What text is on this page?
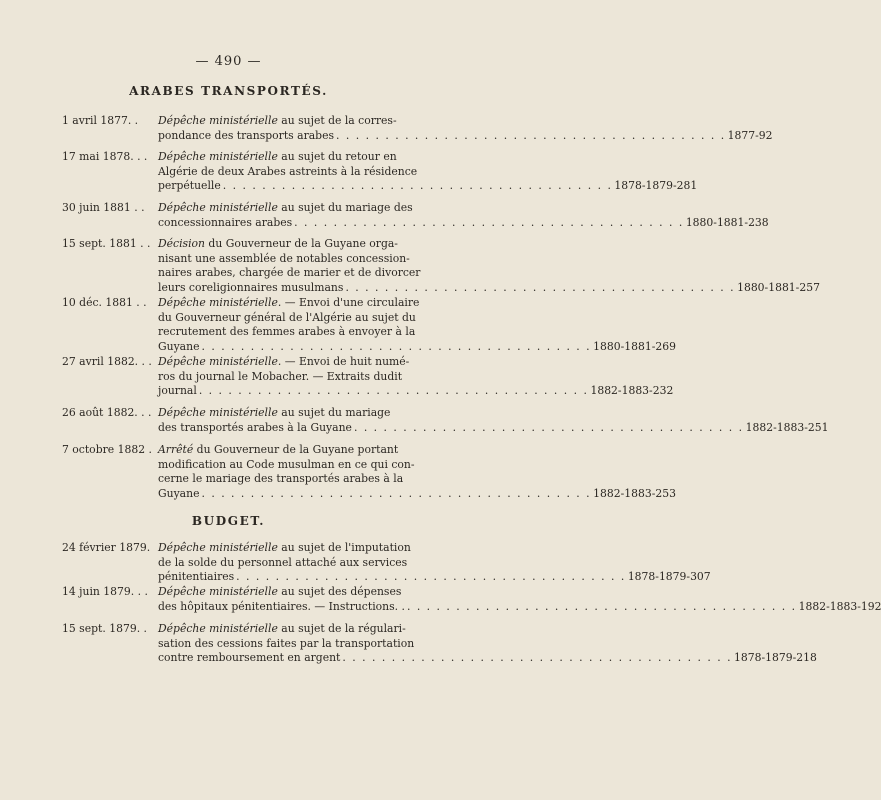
— 490 —
ARABES TRANSPORTÉS.
1 avril 1877. . Dépêche ministérielle au sujet de la corres-
pondance des transports arabes . . . . . . . . . . . . . . . . . . . . . . . . . . . . . . . . . . . . . . . . 1877-92
17 mai 1878. . . Dépêche ministérielle au sujet du retour en
Algérie de deux Arabes astreints à la résidence
perpétuelle . . . . . . . . . . . . . . . . . . . . . . . . . . . . . . . . . . . . . . . . 1878-1879-281
30 juin 1881 . . Dépêche ministérielle au sujet du mariage des
concessionnaires arabes . . . . . . . . . . . . . . . . . . . . . . . . . . . . . . . . . . . . . . . . 1880-1881-238
15 sept. 1881 . . Décision du Gouverneur de la Guyane orga-
nisant une assemblée de notables concession-
naires arabes, chargée de marier et de divorcer
leurs coreligionnaires musulmans . . . . . . . . . . . . . . . . . . . . . . . . . . . . . . . . . . . . . . . . 1880-1881-257
10 déc. 1881 . . Dépêche ministérielle. — Envoi d'une circulaire
du Gouverneur général de l'Algérie au sujet du
recrutement des femmes arabes à envoyer à la
Guyane . . . . . . . . . . . . . . . . . . . . . . . . . . . . . . . . . . . . . . . . 1880-1881-269
27 avril 1882. . . Dépêche ministérielle. — Envoi de huit numé-
ros du journal le Mobacher. — Extraits dudit
journal . . . . . . . . . . . . . . . . . . . . . . . . . . . . . . . . . . . . . . . . 1882-1883-232
26 août 1882. . . Dépêche ministérielle au sujet du mariage
des transportés arabes à la Guyane . . . . . . . . . . . . . . . . . . . . . . . . . . . . . . . . . . . . . . . . 1882-1883-251
7 octobre 1882 . Arrêté du Gouverneur de la Guyane portant
modification au Code musulman en ce qui con-
cerne le mariage des transportés arabes à la
Guyane . . . . . . . . . . . . . . . . . . . . . . . . . . . . . . . . . . . . . . . . 1882-1883-253
BUDGET.
24 février 1879. Dépêche ministérielle au sujet de l'imputation
de la solde du personnel attaché aux services
pénitentiaires . . . . . . . . . . . . . . . . . . . . . . . . . . . . . . . . . . . . . . . . 1878-1879-307
14 juin 1879. . . Dépêche ministérielle au sujet des dépenses
des hôpitaux pénitentiaires. — Instructions. . . . . . . . . . . . . . . . . . . . . . . . . . . . . . . . . . . . . . . . . . 1882-1883-192
15 sept. 1879. . Dépêche ministérielle au sujet de la régulari-
sation des cessions faites par la transportation
contre remboursement en argent . . . . . . . . . . . . . . . . . . . . . . . . . . . . . . . . . . . . . . . . 1878-1879-218
